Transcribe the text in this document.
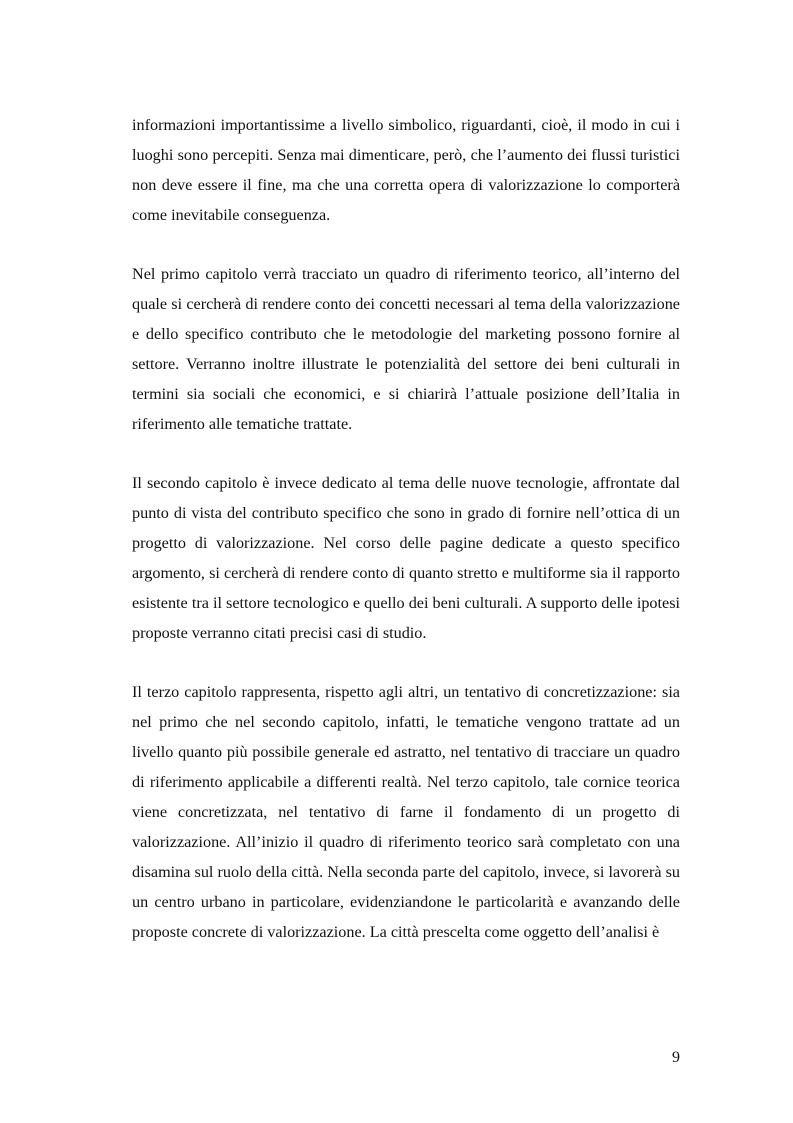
informazioni importantissime a livello simbolico, riguardanti, cioè, il modo in cui i luoghi sono percepiti. Senza mai dimenticare, però, che l’aumento dei flussi turistici non deve essere il fine, ma che una corretta opera di valorizzazione lo comporterà come inevitabile conseguenza.

Nel primo capitolo verrà tracciato un quadro di riferimento teorico, all’interno del quale si cercherà di rendere conto dei concetti necessari al tema della valorizzazione e dello specifico contributo che le metodologie del marketing possono fornire al settore. Verranno inoltre illustrate le potenzialità del settore dei beni culturali in termini sia sociali che economici, e si chiarirà l’attuale posizione dell’Italia in riferimento alle tematiche trattate.

Il secondo capitolo è invece dedicato al tema delle nuove tecnologie, affrontate dal punto di vista del contributo specifico che sono in grado di fornire nell’ottica di un progetto di valorizzazione. Nel corso delle pagine dedicate a questo specifico argomento, si cercherà di rendere conto di quanto stretto e multiforme sia il rapporto esistente tra il settore tecnologico e quello dei beni culturali. A supporto delle ipotesi proposte verranno citati precisi casi di studio.

Il terzo capitolo rappresenta, rispetto agli altri, un tentativo di concretizzazione: sia nel primo che nel secondo capitolo, infatti, le tematiche vengono trattate ad un livello quanto più possibile generale ed astratto, nel tentativo di tracciare un quadro di riferimento applicabile a differenti realtà. Nel terzo capitolo, tale cornice teorica viene concretizzata, nel tentativo di farne il fondamento di un progetto di valorizzazione. All’inizio il quadro di riferimento teorico sarà completato con una disamina sul ruolo della città. Nella seconda parte del capitolo, invece, si lavorerà su un centro urbano in particolare, evidenziandone le particolarità e avanzando delle proposte concrete di valorizzazione. La città prescelta come oggetto dell’analisi è

9
